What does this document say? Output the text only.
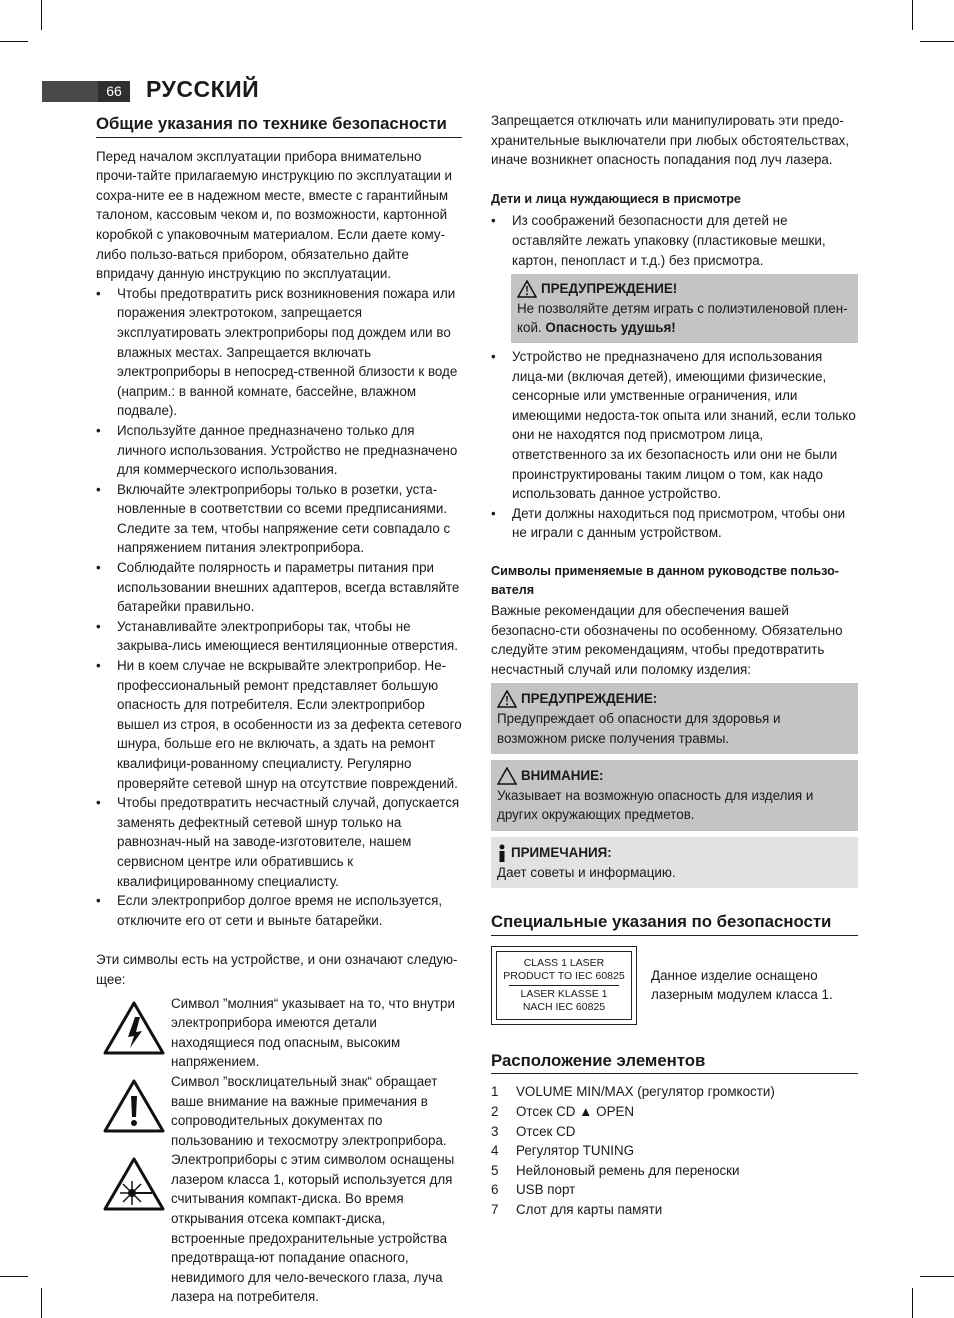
66	РУССКИЙ

Общие указания по технике безопасности

Перед началом эксплуатации прибора внимательно прочи-тайте прилагаемую инструкцию по эксплуатации и сохра-ните ее в надежном месте, вместе с гарантийным талоном, кассовым чеком и, по возможности, картонной коробкой с упаковочным материалом. Если даете кому-либо пользо-ваться прибором, обязательно дайте впридачу данную инструкцию по эксплуатации.

• Чтобы предотвратить риск возникновения пожара или поражения электротоком, запрещается эксплуатировать электроприборы под дождем или во влажных местах. Запрещается включать электроприборы в непосред-ственной близости к воде (наприм.: в ванной комнате, бассейне, влажном подвале).
• Используйте данное предназначено только для личного использования. Устройство не предназначено для коммерческого использования.
• Включайте электроприборы только в розетки, уста-новленные в соответствии со всеми предписаниями. Следите за тем, чтобы напряжение сети совпадало с напряжением питания электроприбора.
• Соблюдайте полярность и параметры питания при использовании внешних адаптеров, всегда вставляйте батарейки правильно.
• Устанавливайте электроприборы так, чтобы не закрыва-лись имеющиеся вентиляционные отверстия.
• Ни в коем случае не вскрывайте электроприбор. Не-профессиональный ремонт представляет большую опасность для потребителя. Если электроприбор вышел из строя, в особенности из за дефекта сетевого шнура, больше его не включать, а здать на ремонт квалифици-рованному специалисту. Регулярно проверяйте сетевой шнур на отсутствие повреждений.
• Чтобы предотвратить несчастный случай, допускается заменять дефектный сетевой шнур только на равнознач-ный на заводе-изготовителе, нашем сервисном центре или обратившись к квалифицированному специалисту.
• Если электроприбор долгое время не используется, отключите его от сети и выньте батарейки.

Эти символы есть на устройстве, и они означают следую-щее:

Символ ”молния“ указывает на то, что внутри электроприбора имеются детали находящиеся под опасным, высоким напряжением.

Символ ”восклицательный знак“ обращает ваше внимание на важные примечания в сопроводительных документах по пользованию и техосмотру электроприбора.

Электроприборы с этим символом оснащены лазером класса 1, который используется для считывания компакт-диска. Во время открывания отсека компакт-диска, встроенные предохранительные устройства предотвраща-ют попадание опасного, невидимого для чело-веческого глаза, луча лазера на потребителя.

Запрещается отключать или манипулировать эти предо-хранительные выключатели при любых обстоятельствах, иначе возникнет опасность попадания под луч лазера.

Дети и лица нуждающиеся в присмотре

• Из соображений безопасности для детей не оставляйте лежать упаковку (пластиковые мешки, картон, пенопласт и т.д.) без присмотра.
ПРЕДУПРЕЖДЕНИЕ!

Не позволяйте детям играть с полиэтиленовой плен-кой. Опасность удушья!

• Устройство не предназначено для использования лица-ми (включая детей), имеющими физические, сенсорные или умственные ограничения, или имеющими недоста-ток опыта или знаний, если только они не находятся под присмотром лица, ответственного за их безопасность или они не были проинструктированы таким лицом о том, как надо использовать данное устройство.
• Дети должны находиться под присмотром, чтобы они не играли с данным устройством.

Символы применяемые в данном руководстве пользо-вателя

Важные рекомендации для обеспечения вашей безопасно-сти обозначены по особенному. Обязательно следуйте этим рекомендациям, чтобы предотвратить несчастный случай или поломку изделия:

ПРЕДУПРЕЖДЕНИЕ:

Предупреждает об опасности для здоровья и возможном риске получения травмы.

ВНИМАНИЕ:

Указывает на возможную опасность для изделия и других окружающих предметов.

ПРИМЕЧАНИЯ:

Дает советы и информацию.

Специальные указания по безопасности

CLASS 1 LASER
PRODUCT TO IEC 60825
LASER KLASSE 1
NACH IEC 60825

Данное изделие оснащено лазерным модулем класса 1.

Расположение элементов

1	VOLUME MIN/MAX (регулятор громкости)
2	Отсек CD ▲ OPEN
3	Отсек CD
4	Регулятор TUNING
5	Нейлоновый ремень для переноски
6	USB порт
7	Слот для карты памяти
